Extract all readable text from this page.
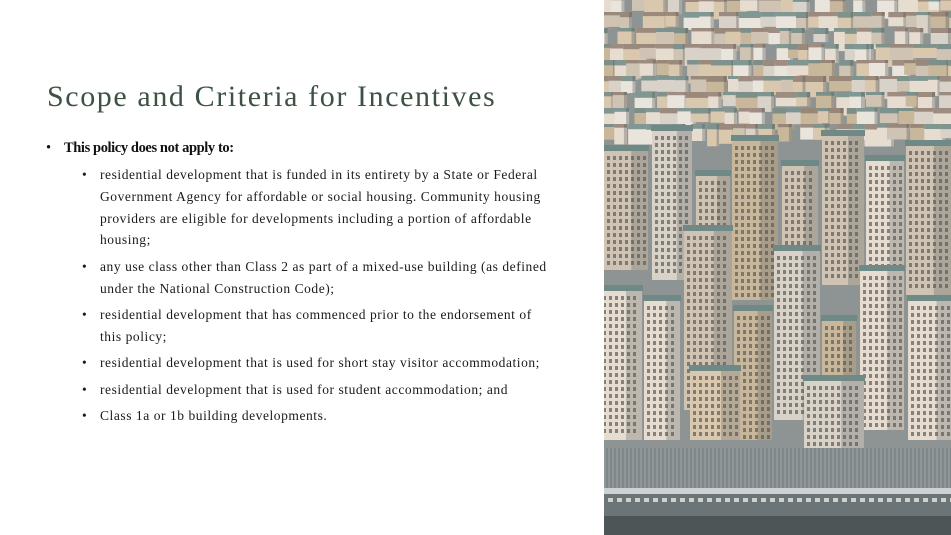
Scope and Criteria for Incentives
• This policy does not apply to:
• residential development that is funded in its entirety by a State or Federal Government Agency for affordable or social housing. Community housing providers are eligible for developments including a portion of affordable housing;
• any use class other than Class 2 as part of a mixed-use building (as defined under the National Construction Code);
• residential development that has commenced prior to the endorsement of this policy;
• residential development that is used for short stay visitor accommodation;
• residential development that is used for student accommodation; and
• Class 1a or 1b building developments.
